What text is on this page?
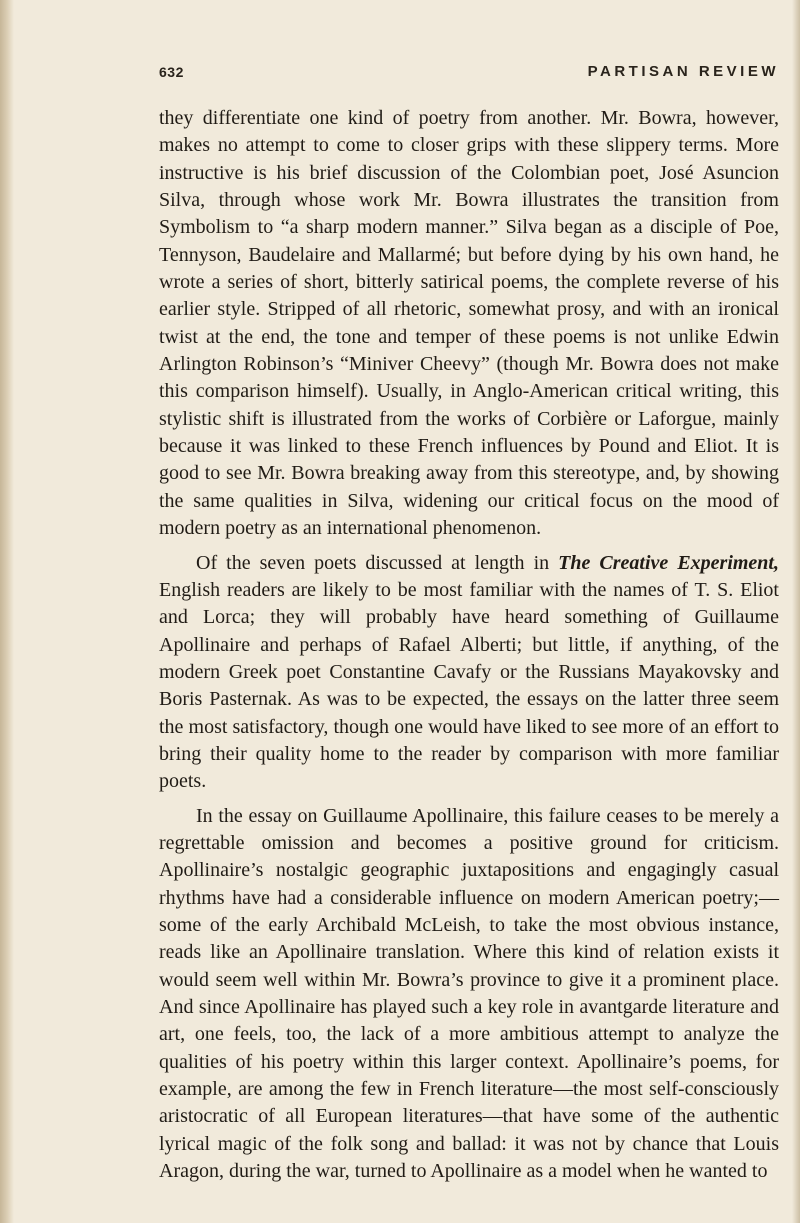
632	PARTISAN REVIEW

they differentiate one kind of poetry from another. Mr. Bowra, however, makes no attempt to come to closer grips with these slippery terms. More instructive is his brief discussion of the Colombian poet, José Asuncion Silva, through whose work Mr. Bowra illustrates the transition from Symbolism to “a sharp modern manner.” Silva began as a disciple of Poe, Tennyson, Baudelaire and Mallarmé; but before dying by his own hand, he wrote a series of short, bitterly satirical poems, the complete reverse of his earlier style. Stripped of all rhetoric, somewhat prosy, and with an ironical twist at the end, the tone and temper of these poems is not unlike Edwin Arlington Robinson’s “Miniver Cheevy” (though Mr. Bowra does not make this comparison himself). Usually, in Anglo-American critical writing, this stylistic shift is illustrated from the works of Corbière or Laforgue, mainly because it was linked to these French influences by Pound and Eliot. It is good to see Mr. Bowra breaking away from this stereotype, and, by showing the same qualities in Silva, widening our critical focus on the mood of modern poetry as an international phenomenon.

Of the seven poets discussed at length in The Creative Experiment, English readers are likely to be most familiar with the names of T. S. Eliot and Lorca; they will probably have heard something of Guillaume Apollinaire and perhaps of Rafael Alberti; but little, if anything, of the modern Greek poet Constantine Cavafy or the Russians Mayakovsky and Boris Pasternak. As was to be expected, the essays on the latter three seem the most satisfactory, though one would have liked to see more of an effort to bring their quality home to the reader by comparison with more familiar poets.

In the essay on Guillaume Apollinaire, this failure ceases to be merely a regrettable omission and becomes a positive ground for criticism. Apollinaire’s nostalgic geographic juxtapositions and engagingly casual rhythms have had a considerable influence on modern American poetry;—some of the early Archibald McLeish, to take the most obvious instance, reads like an Apollinaire translation. Where this kind of relation exists it would seem well within Mr. Bowra’s province to give it a prominent place. And since Apollinaire has played such a key role in avantgarde literature and art, one feels, too, the lack of a more ambitious attempt to analyze the qualities of his poetry within this larger context. Apollinaire’s poems, for example, are among the few in French literature—the most self-consciously aristocratic of all European literatures—that have some of the authentic lyrical magic of the folk song and ballad: it was not by chance that Louis Aragon, during the war, turned to Apollinaire as a model when he wanted to
